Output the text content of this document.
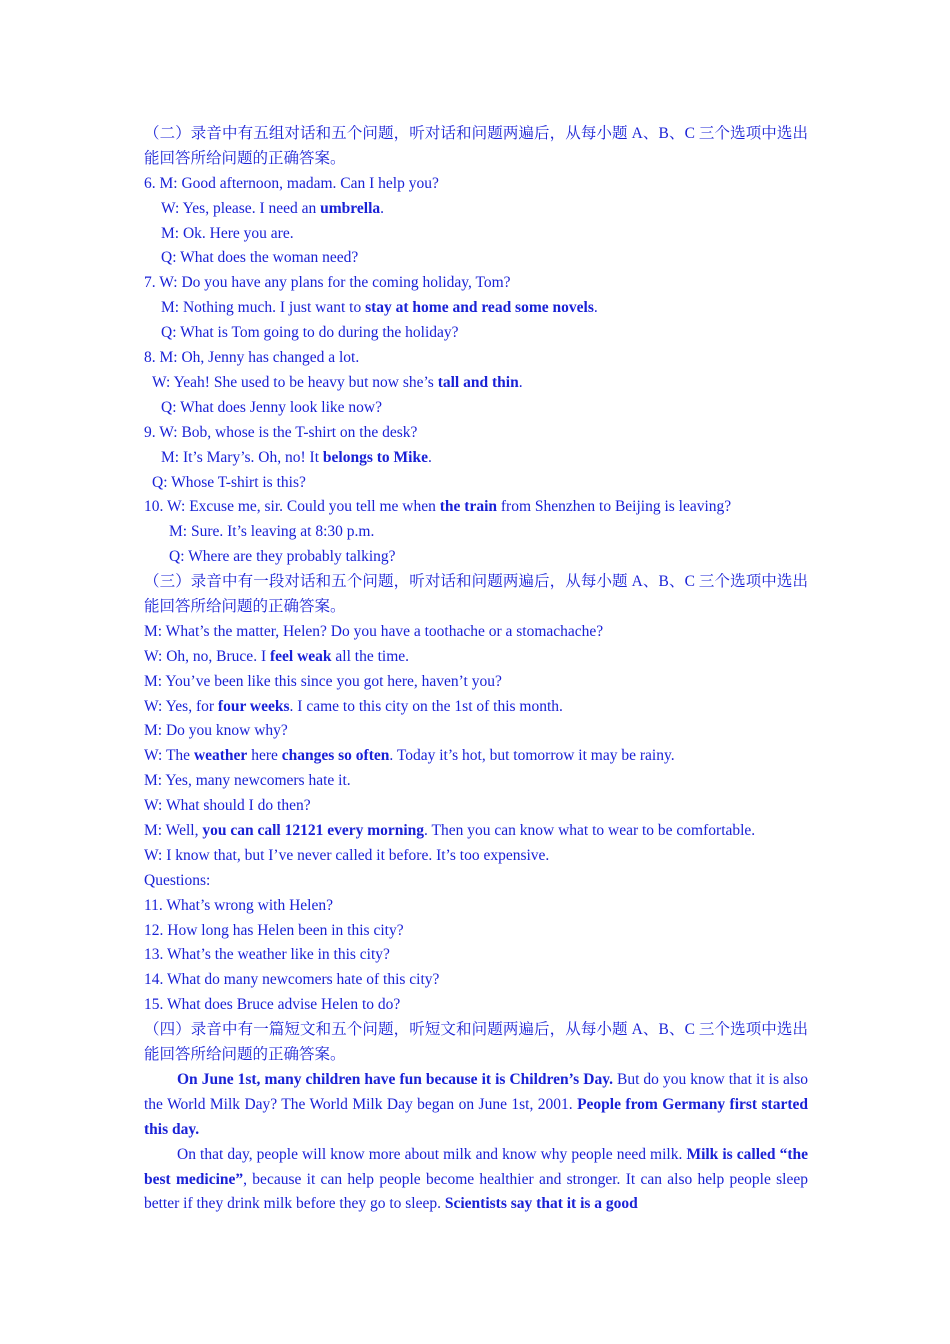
（二）录音中有五组对话和五个问题，听对话和问题两遍后，从每小题 A、B、C 三个选项中选出能回答所给问题的正确答案。
6. M: Good afternoon, madam. Can I help you?
W: Yes, please. I need an umbrella.
M: Ok. Here you are.
Q: What does the woman need?
7. W: Do you have any plans for the coming holiday, Tom?
M: Nothing much. I just want to stay at home and read some novels.
Q: What is Tom going to do during the holiday?
8. M: Oh, Jenny has changed a lot.
W: Yeah! She used to be heavy but now she’s tall and thin.
Q: What does Jenny look like now?
9. W: Bob, whose is the T-shirt on the desk?
M: It’s Mary’s. Oh, no! It belongs to Mike.
Q: Whose T-shirt is this?
10. W: Excuse me, sir. Could you tell me when the train from Shenzhen to Beijing is leaving?
M: Sure. It’s leaving at 8:30 p.m.
Q: Where are they probably talking?
（三）录音中有一段对话和五个问题，听对话和问题两遍后，从每小题 A、B、C 三个选项中选出能回答所给问题的正确答案。
M: What’s the matter, Helen? Do you have a toothache or a stomachache?
W: Oh, no, Bruce. I feel weak all the time.
M: You’ve been like this since you got here, haven’t you?
W: Yes, for four weeks. I came to this city on the 1st of this month.
M: Do you know why?
W: The weather here changes so often. Today it’s hot, but tomorrow it may be rainy.
M: Yes, many newcomers hate it.
W: What should I do then?
M: Well, you can call 12121 every morning. Then you can know what to wear to be comfortable.
W: I know that, but I’ve never called it before. It’s too expensive.
Questions:
11. What’s wrong with Helen?
12. How long has Helen been in this city?
13. What’s the weather like in this city?
14. What do many newcomers hate of this city?
15. What does Bruce advise Helen to do?
（四）录音中有一篇短文和五个问题，听短文和问题两遍后，从每小题 A、B、C 三个选项中选出能回答所给问题的正确答案。

On June 1st, many children have fun because it is Children’s Day. But do you know that it is also the World Milk Day? The World Milk Day began on June 1st, 2001. People from Germany first started this day.

On that day, people will know more about milk and know why people need milk. Milk is called “the best medicine”, because it can help people become healthier and stronger. It can also help people sleep better if they drink milk before they go to sleep. Scientists say that it is a good
